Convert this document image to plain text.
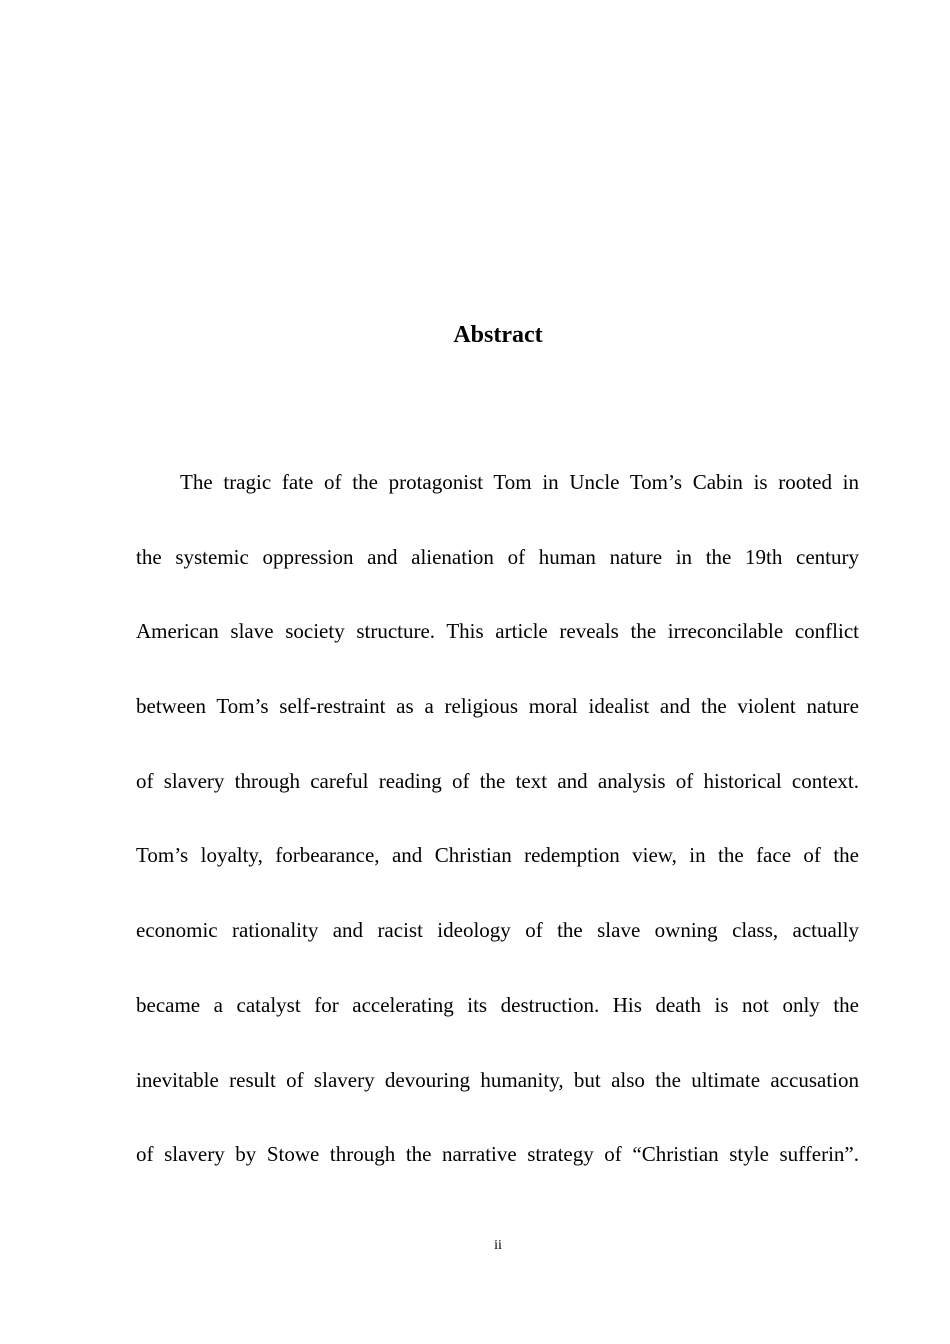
Abstract
The tragic fate of the protagonist Tom in Uncle Tom’s Cabin is rooted in
the systemic oppression and alienation of human nature in the 19th century
American slave society structure. This article reveals the irreconcilable conflict
between Tom’s self-restraint as a religious moral idealist and the violent nature
of slavery through careful reading of the text and analysis of historical context.
Tom’s loyalty, forbearance, and Christian redemption view, in the face of the
economic rationality and racist ideology of the slave owning class, actually
became a catalyst for accelerating its destruction. His death is not only the
inevitable result of slavery devouring humanity, but also the ultimate accusation
of slavery by Stowe through the narrative strategy of “Christian style sufferin”.
ii
